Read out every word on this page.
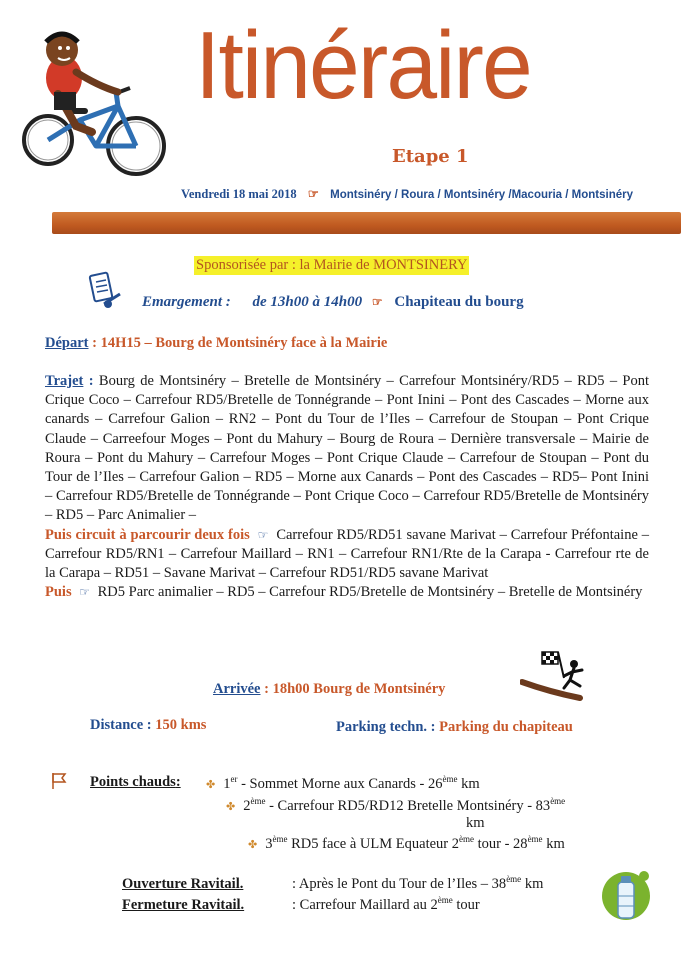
Itinéraire
Etape 1
Vendredi 18 mai 2018 ☞ Montsinéry / Roura / Montsinéry /Macouria / Montsinéry
Sponsorisée par : la Mairie de MONTSINERY
Emargement : de 13h00 à 14h00 ☞ Chapiteau du bourg
Départ : 14H15 – Bourg de Montsinéry face à la Mairie

Trajet : Bourg de Montsinéry – Bretelle de Montsinéry – Carrefour Montsinéry/RD5 – RD5 – Pont Crique Coco – Carrefour RD5/Bretelle de Tonnégrande – Pont Inini – Pont des Cascades – Morne aux canards – Carrefour Galion – RN2 – Pont du Tour de l’Iles – Carrefour de Stoupan – Pont Crique Claude – Carreefour Moges – Pont du Mahury – Bourg de Roura – Dernière transversale – Mairie de Roura – Pont du Mahury – Carrefour Moges – Pont Crique Claude – Carrefour de Stoupan – Pont du Tour de l’Iles – Carrefour Galion – RD5 – Morne aux Canards – Pont des Cascades – RD5– Pont Inini – Carrefour RD5/Bretelle de Tonnégrande – Pont Crique Coco – Carrefour RD5/Bretelle de Montsinéry – RD5 – Parc Animalier –

Puis circuit à parcourir deux fois ☞ Carrefour RD5/RD51 savane Marivat – Carrefour Préfontaine – Carrefour RD5/RN1 – Carrefour Maillard – RN1 – Carrefour RN1/Rte de la Carapa - Carrefour rte de la Carapa – RD51 – Savane Marivat – Carrefour RD51/RD5 savane Marivat

Puis ☞ RD5 Parc animalier – RD5 – Carrefour RD5/Bretelle de Montsinéry – Bretelle de Montsinéry

Arrivée : 18h00 Bourg de Montsinéry
Distance : 150 kms	Parking techn. : Parking du chapiteau
Points chauds: ✤ 1er - Sommet Morne aux Canards - 26ème km
✤ 2ème - Carrefour RD5/RD12 Bretelle Montsinéry - 83ème
km
✤ 3ème RD5 face à ULM Equateur 2ème tour - 28ème km
Ouverture Ravitail.	: Après le Pont du Tour de l’Iles – 38ème km
Fermeture Ravitail.	: Carrefour Maillard au 2ème tour
